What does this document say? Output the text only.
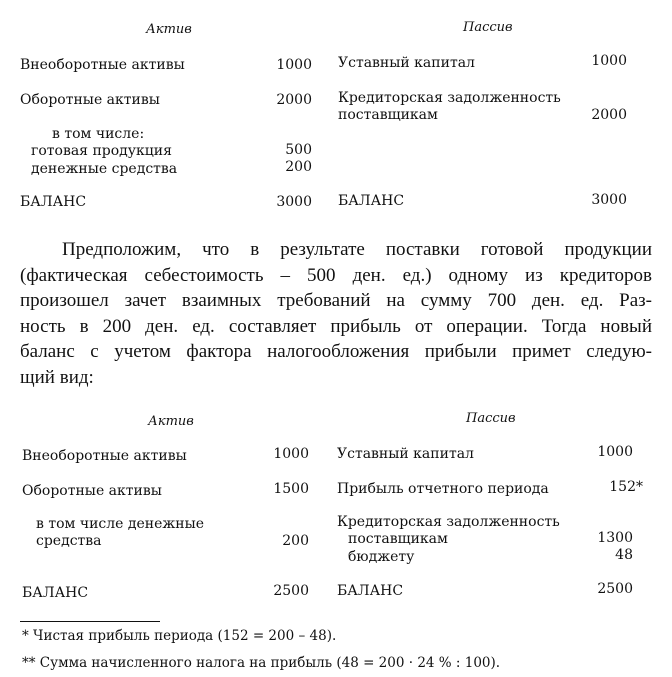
Актив	Пассив
Внеоборотные активы	1000 Уставный капитал	1000
Оборотные активы	2000 Кредиторская задолженность
поставщикам	2000
в том числе:
готовая продукция	500
денежные средства	200
БАЛАНС	3000 БАЛАНС	3000
Предположим, что в результате поставки готовой продукции
(фактическая себестоимость – 500 ден. ед.) одному из кредиторов
произошел зачет взаимных требований на сумму 700 ден. ед. Раз-
ность в 200 ден. ед. составляет прибыль от операции. Тогда новый
баланс с учетом фактора налогообложения прибыли примет следую-
щий вид:
Актив	Пассив
Внеоборотные активы	1000 Уставный капитал	1000
Оборотные активы	1500 Прибыль отчетного периода	152*
в том числе денежные
средства	200
Кредиторская задолженность
поставщикам	1300
бюджету	48
БАЛАНС	2500 БАЛАНС	2500
* Чистая прибыль периода (152 = 200 – 48).
** Сумма начисленного налога на прибыль (48 = 200 · 24 % : 100).
